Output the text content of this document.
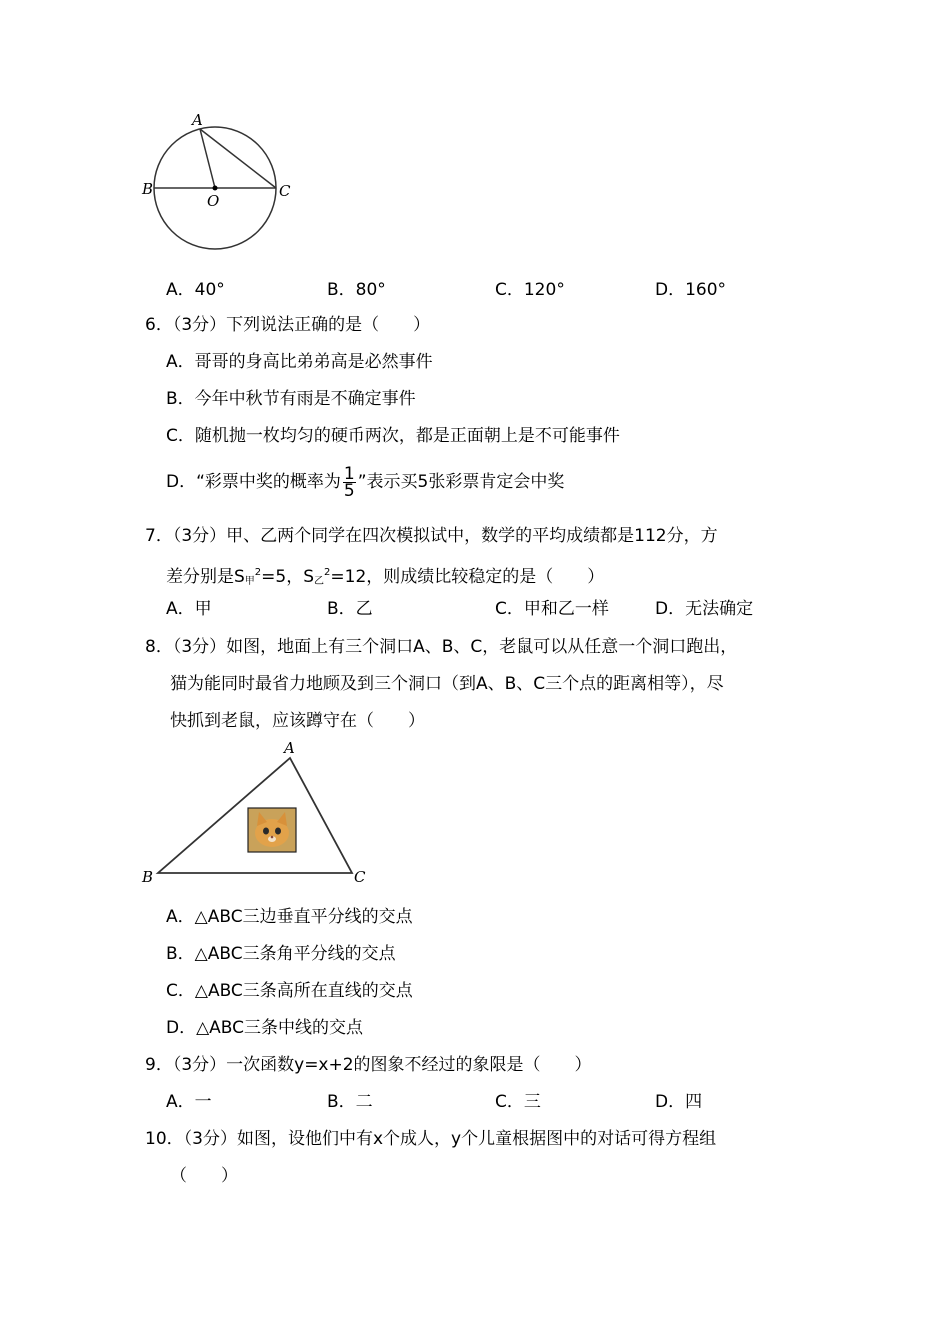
A
B
O
C
A．40°	B．80°	C．120°	D．160°
6．（3分）下列说法正确的是（　　）
A．哥哥的身高比弟弟高是必然事件
B．今年中秋节有雨是不确定事件
C．随机抛一枚均匀的硬币两次，都是正面朝上是不可能事件
D．“彩票中奖的概率为 $\frac{1}{5}$ ”表示买5张彩票肯定会中奖
7．（3分）甲、乙两个同学在四次模拟试中，数学的平均成绩都是112分，方
差分别是$S_甲^2=5$，$S_乙^2=12$，则成绩比较稳定的是（　　）
A．甲	B．乙	C．甲和乙一样	D．无法确定
8．（3分）如图，地面上有三个洞口A、B、C，老鼠可以从任意一个洞口跑出，
猫为能同时最省力地顾及到三个洞口（到A、B、C三个点的距离相等），尽
快抓到老鼠，应该蹲守在（　　）
A
B	C
A．△ABC三边垂直平分线的交点
B．△ABC三条角平分线的交点
C．△ABC三条高所在直线的交点
D．△ABC三条中线的交点
9．（3分）一次函数y=x+2的图象不经过的象限是（　　）
A．一	B．二	C．三	D．四
10．（3分）如图，设他们中有x个成人，y个儿童根据图中的对话可得方程组
（　　）
